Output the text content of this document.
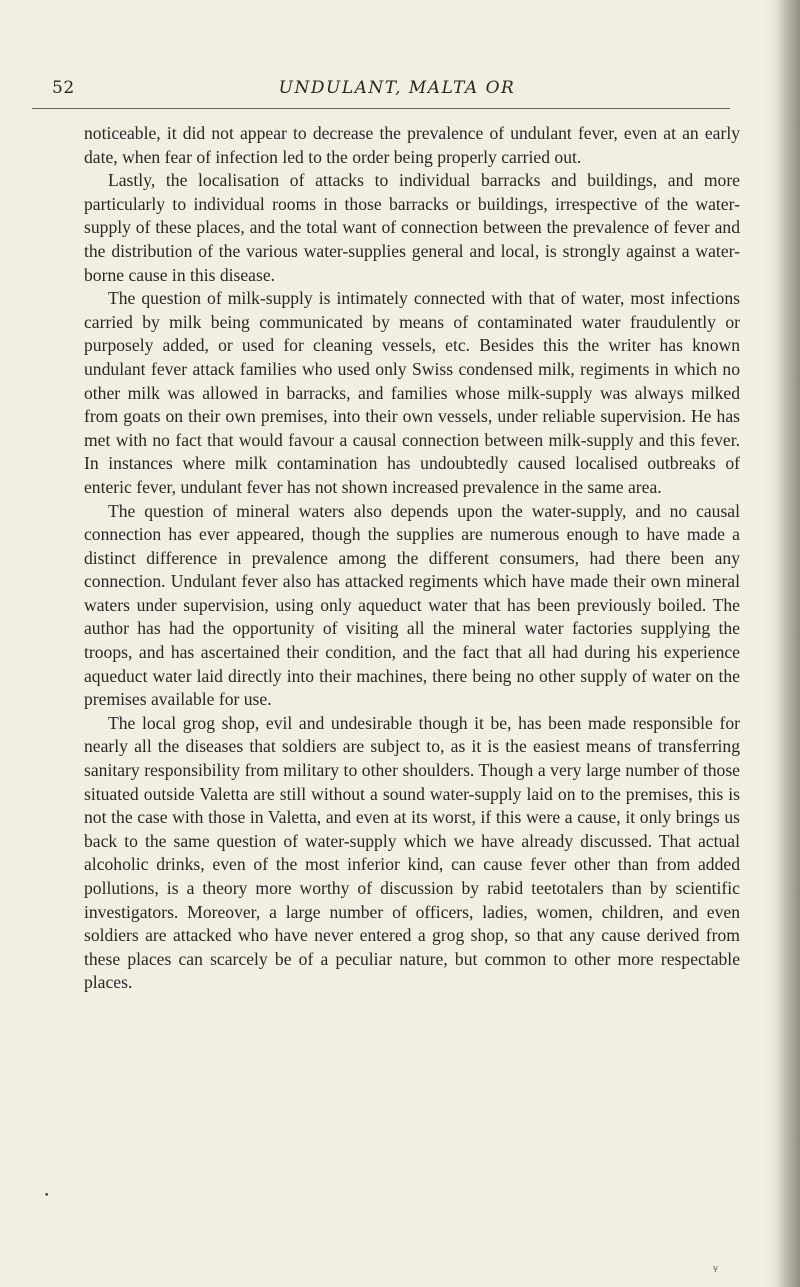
52	UNDULANT, MALTA OR

noticeable, it did not appear to decrease the prevalence of undulant fever, even at an early date, when fear of infection led to the order being properly carried out.

Lastly, the localisation of attacks to individual barracks and buildings, and more particularly to individual rooms in those barracks or buildings, irrespective of the water-supply of these places, and the total want of connection between the prevalence of fever and the distribution of the various water-supplies general and local, is strongly against a water-borne cause in this disease.

The question of milk-supply is intimately connected with that of water, most infections carried by milk being communicated by means of contaminated water fraudulently or purposely added, or used for cleaning vessels, etc. Besides this the writer has known undulant fever attack families who used only Swiss condensed milk, regiments in which no other milk was allowed in barracks, and families whose milk-supply was always milked from goats on their own premises, into their own vessels, under reliable supervision. He has met with no fact that would favour a causal connection between milk-supply and this fever. In instances where milk contamination has undoubtedly caused localised outbreaks of enteric fever, undulant fever has not shown increased prevalence in the same area.

The question of mineral waters also depends upon the water-supply, and no causal connection has ever appeared, though the supplies are numerous enough to have made a distinct difference in prevalence among the different consumers, had there been any connection. Undulant fever also has attacked regiments which have made their own mineral waters under supervision, using only aqueduct water that has been previously boiled. The author has had the opportunity of visiting all the mineral water factories supplying the troops, and has ascertained their condition, and the fact that all had during his experience aqueduct water laid directly into their machines, there being no other supply of water on the premises available for use.

The local grog shop, evil and undesirable though it be, has been made responsible for nearly all the diseases that soldiers are subject to, as it is the easiest means of transferring sanitary responsibility from military to other shoulders. Though a very large number of those situated outside Valetta are still without a sound water-supply laid on to the premises, this is not the case with those in Valetta, and even at its worst, if this were a cause, it only brings us back to the same question of water-supply which we have already discussed. That actual alcoholic drinks, even of the most inferior kind, can cause fever other than from added pollutions, is a theory more worthy of discussion by rabid teetotalers than by scientific investigators. Moreover, a large number of officers, ladies, women, children, and even soldiers are attacked who have never entered a grog shop, so that any cause derived from these places can scarcely be of a peculiar nature, but common to other more respectable places.

•
¥
